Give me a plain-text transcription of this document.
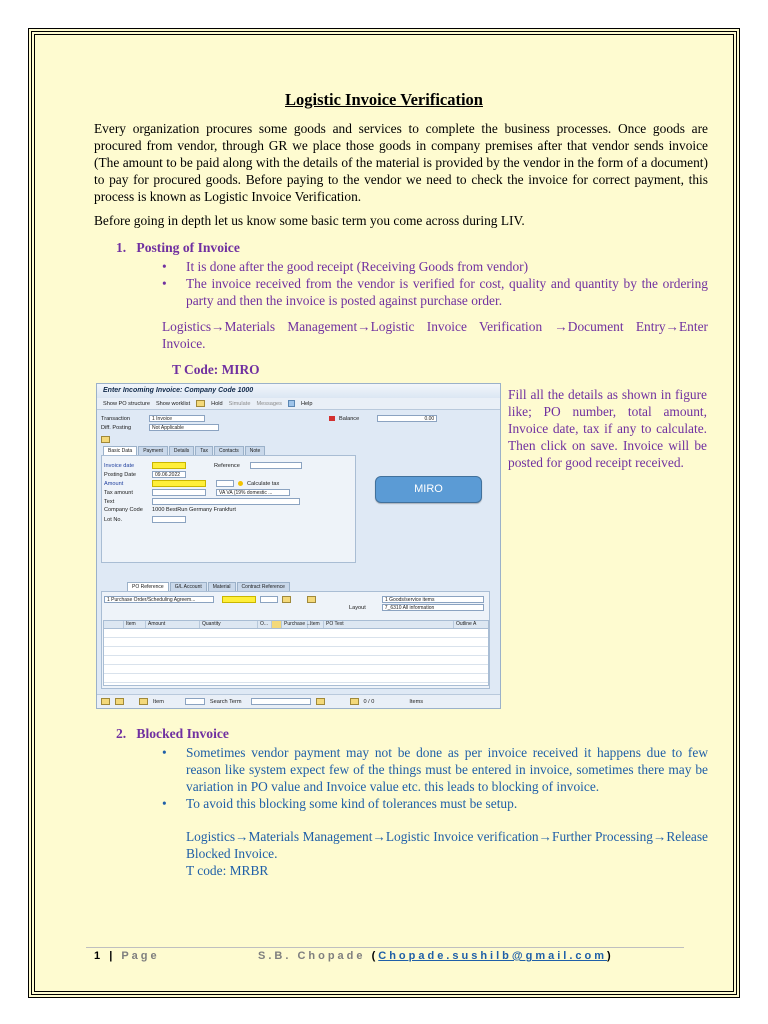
Logistic Invoice Verification

Every organization procures some goods and services to complete the business processes. Once goods are procured from vendor, through GR we place those goods in company premises after that vendor sends invoice (The amount to be paid along with the details of the material is provided by the vendor in the form of a document) to pay for procured goods. Before paying to the vendor we need to check the invoice for correct payment, this process is known as Logistic Invoice Verification.

Before going in depth let us know some basic term you come across during LIV.

1. Posting of Invoice
• It is done after the good receipt (Receiving Goods from vendor)
• The invoice received from the vendor is verified for cost, quality and quantity by the ordering party and then the invoice is posted against purchase order.

Logistics→Materials Management→Logistic Invoice Verification →Document Entry→Enter Invoice.

T Code: MIRO
Enter Incoming Invoice: Company Code 1000
Show PO structure Show worklist	Hold Simulate Messages	Help
Transaction	1 Invoice
Diff. Posting	Not Applicable
Balance	0.00
Basic Data	Payment	Details	Tax	Contacts	Note
Invoice date	Reference
Posting Date	09.06.2022
Amount	Calculate tax
Tax amount	VA VA (19% domestic ...
Text
Company Code	1000 BestRun Germany Frankfurt
Lot No.
MIRO
PO Reference	G/L Account	Material	Contract Reference
1 Purchase Order/Scheduling Agreem...	1 Goods/service items
Layout	7_6310 All information
Item	Amount	Quantity	O...	Purchase ... Item	PO Text	Outline A
Item	Search Term	0 / 0	Items

Fill all the details as shown in figure like; PO number, total amount, Invoice date, tax if any to calculate. Then click on save. Invoice will be posted for good receipt received.

2. Blocked Invoice
• Sometimes vendor payment may not be done as per invoice received it happens due to few reason like system expect few of the things must be entered in invoice, sometimes there may be variation in PO value and Invoice value etc. this leads to blocking of invoice.
• To avoid this blocking some kind of tolerances must be setup.

Logistics→Materials Management→Logistic Invoice verification→Further Processing→Release Blocked Invoice.

T code: MRBR

1 | Page	S.B. Chopade (Chopade.sushilb@gmail.com)
